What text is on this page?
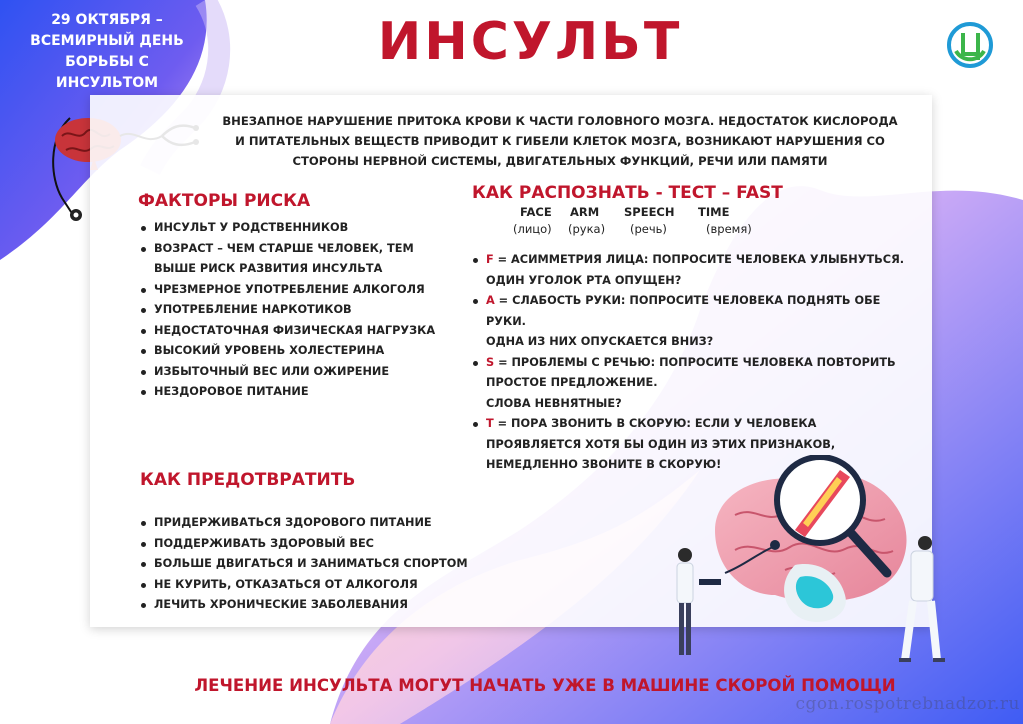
29 ОКТЯБРЯ – ВСЕМИРНЫЙ ДЕНЬ БОРЬБЫ С ИНСУЛЬТОМ
ИНСУЛЬТ
ВНЕЗАПНОЕ НАРУШЕНИЕ ПРИТОКА КРОВИ К ЧАСТИ ГОЛОВНОГО МОЗГА. НЕДОСТАТОК КИСЛОРОДА И ПИТАТЕЛЬНЫХ ВЕЩЕСТВ ПРИВОДИТ К ГИБЕЛИ КЛЕТОК МОЗГА, ВОЗНИКАЮТ НАРУШЕНИЯ СО СТОРОНЫ НЕРВНОЙ СИСТЕМЫ, ДВИГАТЕЛЬНЫХ ФУНКЦИЙ, РЕЧИ ИЛИ ПАМЯТИ
ФАКТОРЫ РИСКА
ИНСУЛЬТ У РОДСТВЕННИКОВ
ВОЗРАСТ – ЧЕМ СТАРШЕ ЧЕЛОВЕК, ТЕМ ВЫШЕ РИСК РАЗВИТИЯ ИНСУЛЬТА
ЧРЕЗМЕРНОЕ УПОТРЕБЛЕНИЕ АЛКОГОЛЯ
УПОТРЕБЛЕНИЕ НАРКОТИКОВ
НЕДОСТАТОЧНАЯ ФИЗИЧЕСКАЯ НАГРУЗКА
ВЫСОКИЙ УРОВЕНЬ ХОЛЕСТЕРИНА
ИЗБЫТОЧНЫЙ ВЕС ИЛИ ОЖИРЕНИЕ
НЕЗДОРОВОЕ ПИТАНИЕ
КАК ПРЕДОТВРАТИТЬ
ПРИДЕРЖИВАТЬСЯ ЗДОРОВОГО ПИТАНИЕ
ПОДДЕРЖИВАТЬ ЗДОРОВЫЙ ВЕС
БОЛЬШЕ ДВИГАТЬСЯ И ЗАНИМАТЬСЯ СПОРТОМ
НЕ КУРИТЬ, ОТКАЗАТЬСЯ ОТ АЛКОГОЛЯ
ЛЕЧИТЬ ХРОНИЧЕСКИЕ ЗАБОЛЕВАНИЯ
КАК РАСПОЗНАТЬ - ТЕСТ – FAST
FACE	ARM	SPEECH	TIME
(лицо)	(рука)	(речь)	(время)
F = АСИММЕТРИЯ ЛИЦА: ПОПРОСИТЕ ЧЕЛОВЕКА УЛЫБНУТЬСЯ.
ОДИН УГОЛОК РТА ОПУЩЕН?
A = СЛАБОСТЬ РУКИ: ПОПРОСИТЕ ЧЕЛОВЕКА ПОДНЯТЬ ОБЕ РУКИ.
ОДНА ИЗ НИХ ОПУСКАЕТСЯ ВНИЗ?
S = ПРОБЛЕМЫ С РЕЧЬЮ: ПОПРОСИТЕ ЧЕЛОВЕКА ПОВТОРИТЬ ПРОСТОЕ ПРЕДЛОЖЕНИЕ.
СЛОВА НЕВНЯТНЫЕ?
T = ПОРА ЗВОНИТЬ В СКОРУЮ: ЕСЛИ У ЧЕЛОВЕКА ПРОЯВЛЯЕТСЯ ХОТЯ БЫ ОДИН ИЗ ЭТИХ ПРИЗНАКОВ, НЕМЕДЛЕННО ЗВОНИТЕ В СКОРУЮ!
ЛЕЧЕНИЕ ИНСУЛЬТА МОГУТ НАЧАТЬ УЖЕ В МАШИНЕ СКОРОЙ ПОМОЩИ
cgon.rospotrebnadzor.ru
